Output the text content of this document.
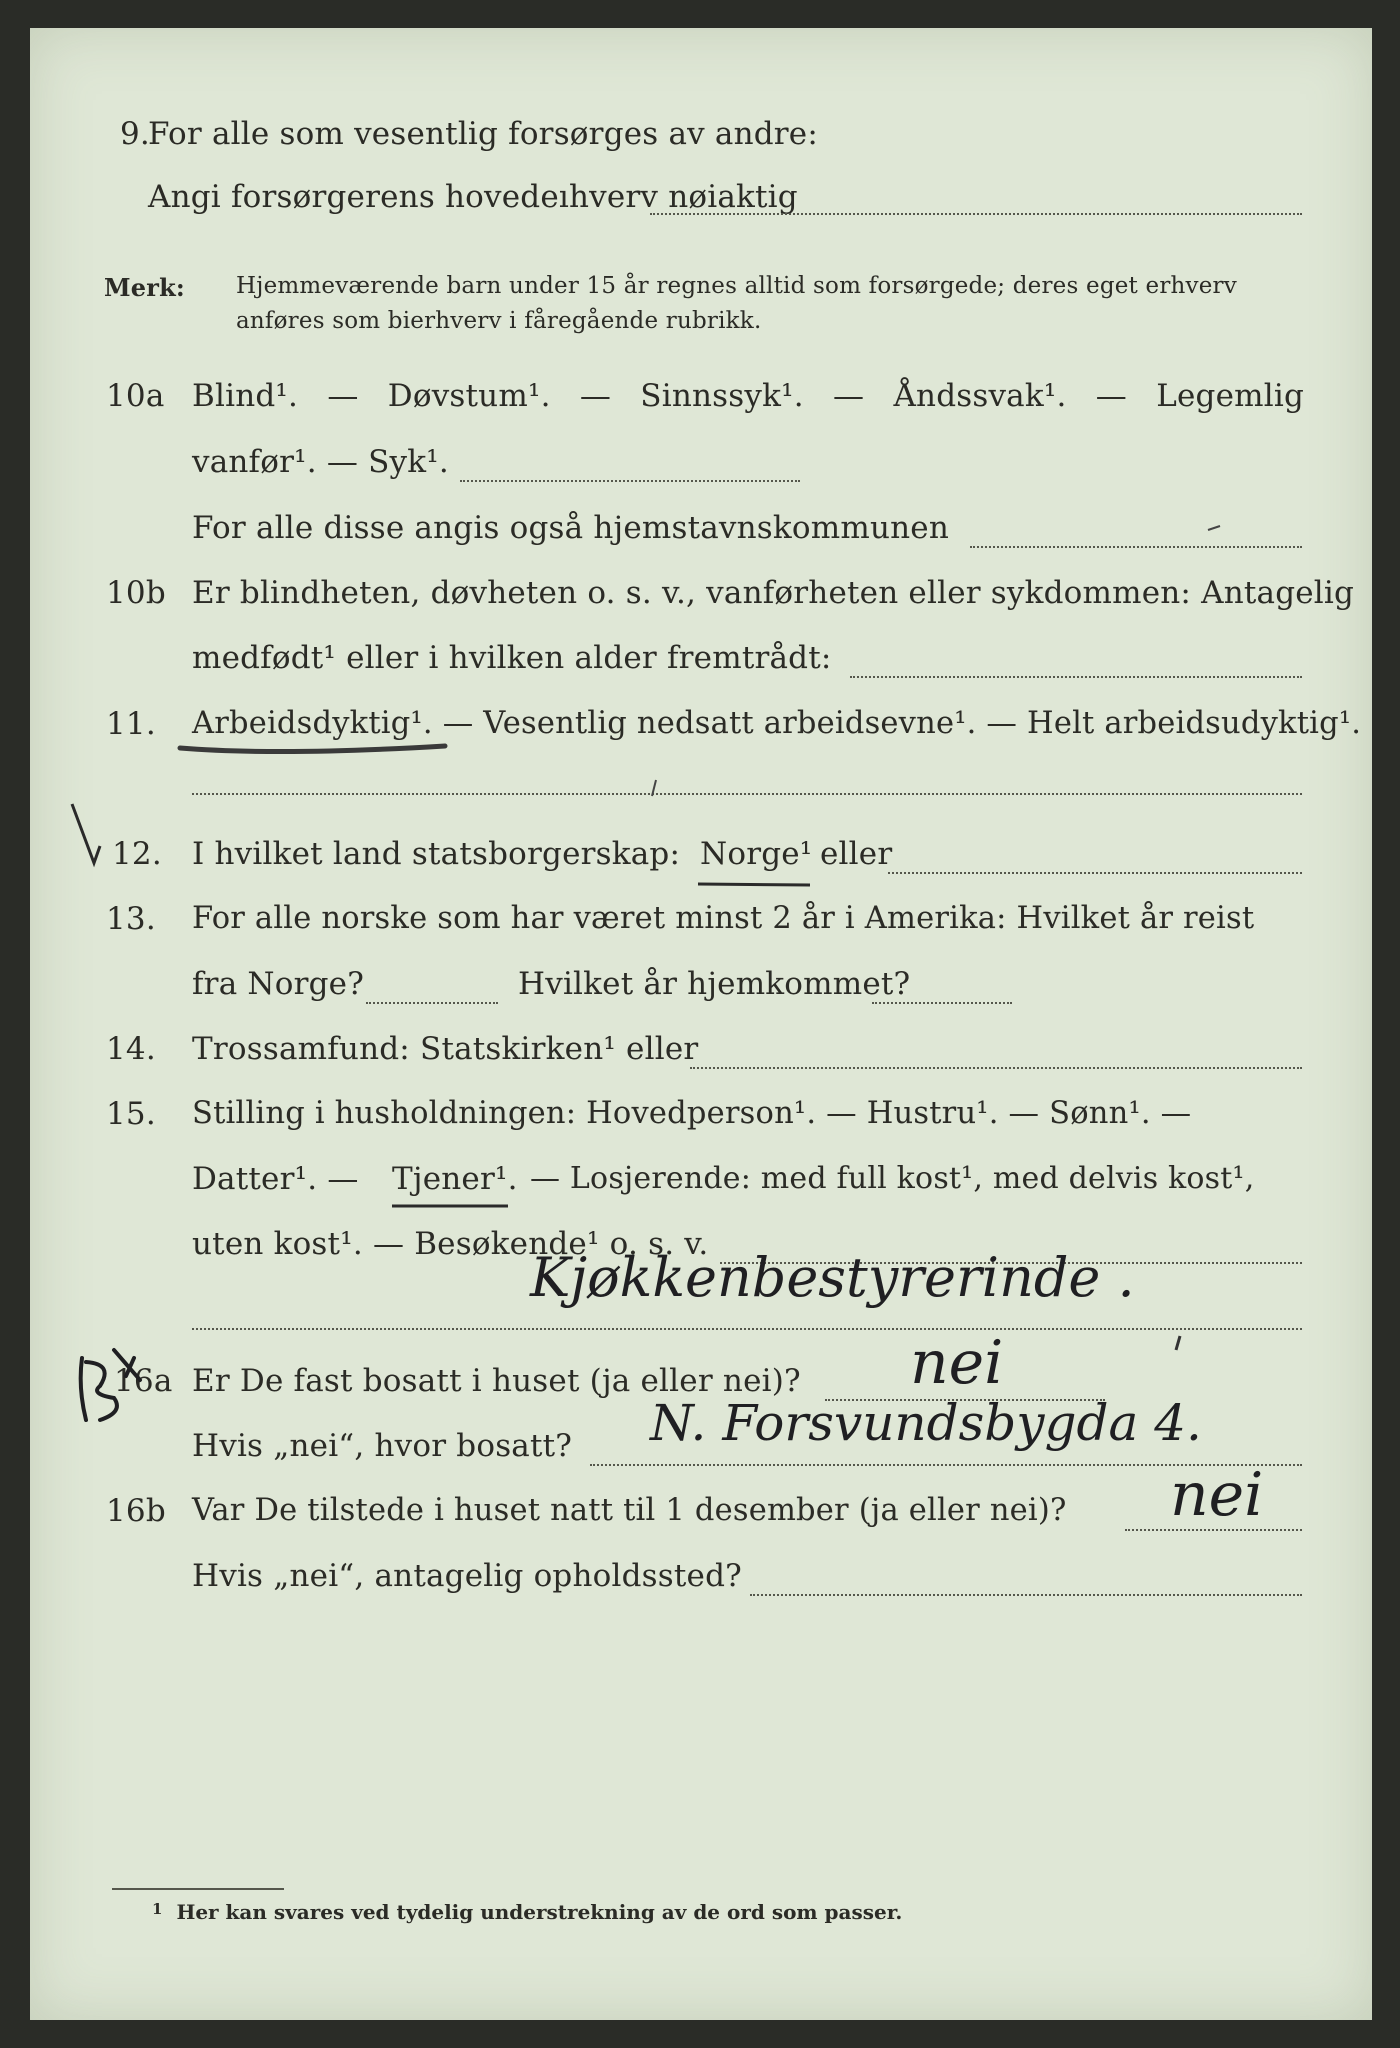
9.
For alle som vesentlig forsørges av andre:
Angi forsørgerens hovedeıhverv nøiaktig
Merk: Hjemmeværende barn under 15 år regnes alltid som forsørgede; deres eget erhverv
anføres som bierhverv i fåregående rubrikk.
10a Blind¹. — Døvstum¹. — Sinnssyk¹. — Åndssvak¹. — Legemlig
vanfør¹. — Syk¹.
For alle disse angis også hjemstavnskommunen
10b Er blindheten, døvheten o. s. v., vanførheten eller sykdommen: Antagelig
medfødt¹ eller i hvilken alder fremtrådt:
11. Arbeidsdyktig¹. — Vesentlig nedsatt arbeidsevne¹. — Helt arbeidsudyktig¹.
12. I hvilket land statsborgerskap: Norge¹ eller
13. For alle norske som har været minst 2 år i Amerika: Hvilket år reist
fra Norge?	Hvilket år hjemkommet?
14. Trossamfund: Statskirken¹ eller
15. Stilling i husholdningen: Hovedperson¹. — Hustru¹. — Sønn¹. —
Datter¹. — Tjener¹. — Losjerende: med full kost¹, med delvis kost¹,
uten kost¹. — Besøkende¹ o. s. v.
Kjøkkenbestyrerinde .
16a Er De fast bosatt i huset (ja eller nei)? nei
Hvis „nei“, hvor bosatt? N. Forsvundsbygda 4.
16b Var De tilstede i huset natt til 1 desember (ja eller nei)? nei
Hvis „nei“, antagelig opholdssted?
$^1$ Her kan svares ved tydelig understrekning av de ord som passer.
